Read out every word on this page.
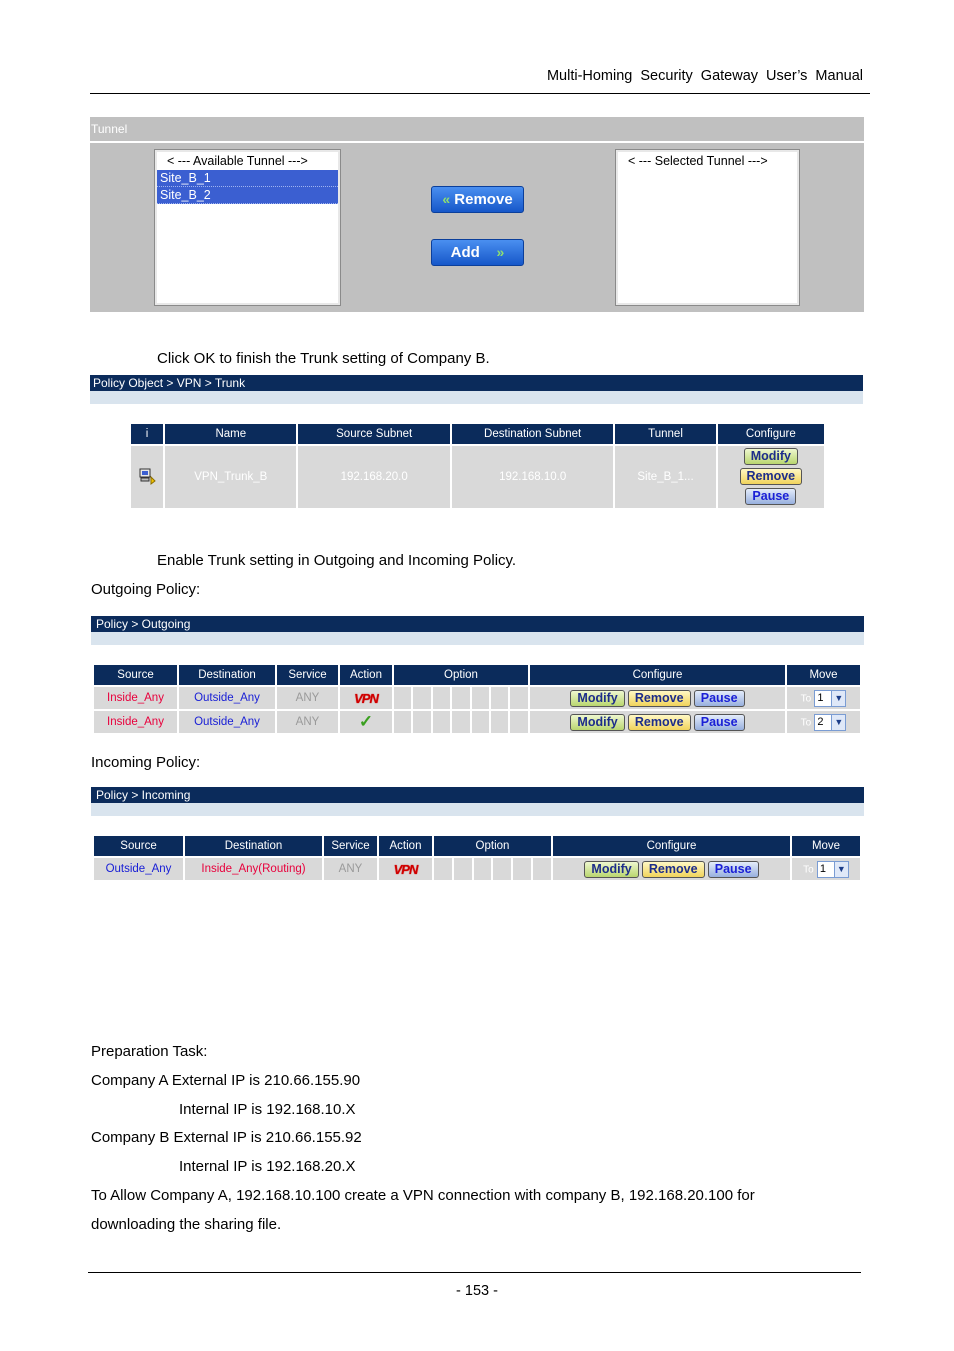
Multi-Homing Security Gateway User’s Manual
Tunnel
< --- Available Tunnel --->
Site_B_1
Site_B_2	« Remove
Add »
< --- Selected Tunnel --->
Click OK to finish the Trunk setting of Company B.
Policy Object > VPN > Trunk
i	Name	Source Subnet	Destination Subnet	Tunnel	Configure
	VPN_Trunk_B	192.168.20.0	192.168.10.0	Site_B_1...	Modify
Remove
Pause
Enable Trunk setting in Outgoing and Incoming Policy.
Outgoing Policy:
Policy > Outgoing
Source	Destination	Service	Action	Option							Configure	Move
Inside_Any	Outside_Any	ANY	VPN								Modify Remove Pause	To 1 ▼

Inside_Any	Outside_Any	ANY	✓								Modify Remove Pause	To 2 ▼
Incoming Policy:
Policy > Incoming
Source	Destination	Service	Action	Option						Configure	Move
Outside_Any	Inside_Any(Routing)	ANY	VPN							Modify Remove Pause	To 1 ▼
Preparation Task:
Company A External IP is 210.66.155.90
Internal IP is 192.168.10.X
Company B External IP is 210.66.155.92
Internal IP is 192.168.20.X
To Allow Company A, 192.168.10.100 create a VPN connection with company B, 192.168.20.100 for
downloading the sharing file.
- 153 -
